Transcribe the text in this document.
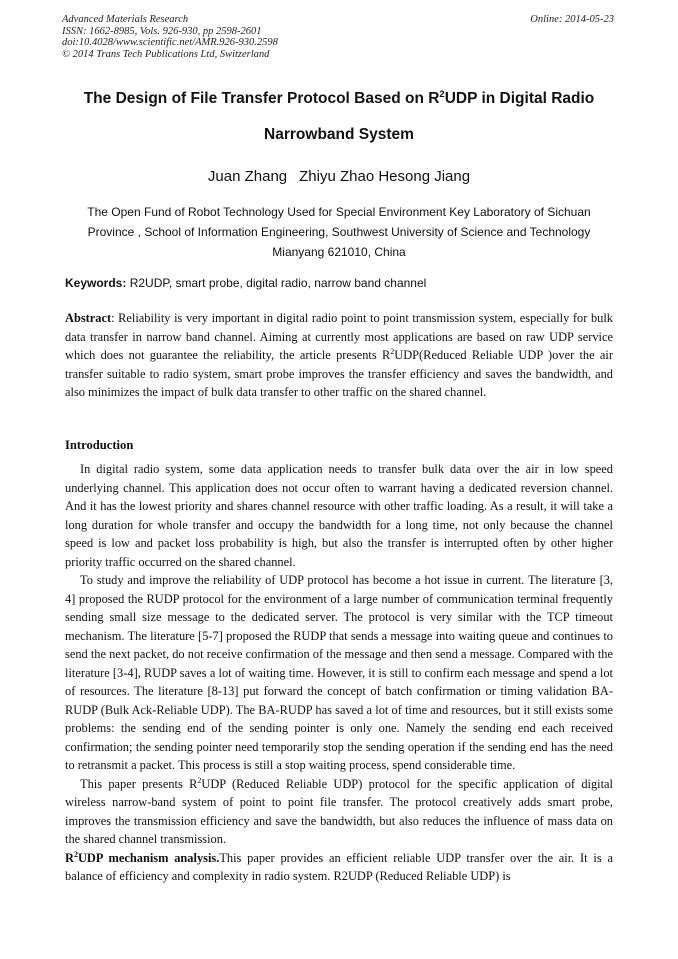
Advanced Materials Research
ISSN: 1662-8985, Vols. 926-930, pp 2598-2601
doi:10.4028/www.scientific.net/AMR.926-930.2598
© 2014 Trans Tech Publications Ltd, Switzerland
Online: 2014-05-23
The Design of File Transfer Protocol Based on $R^2UDP$ in Digital Radio
Narrowband System
Juan Zhang Zhiyu Zhao Hesong Jiang
The Open Fund of Robot Technology Used for Special Environment Key Laboratory of Sichuan
Province , School of Information Engineering, Southwest University of Science and Technology
Mianyang 621010, China
Keywords: R2UDP, smart probe, digital radio, narrow band channel

Abstract: Reliability is very important in digital radio point to point transmission system, especially for bulk data transfer in narrow band channel. Aiming at currently most applications are based on raw UDP service which does not guarantee the reliability, the article presents $R^2UDP(Reduced$ Reliable UDP )over the air transfer suitable to radio system, smart probe improves the transfer efficiency and saves the bandwidth, and also minimizes the impact of bulk data transfer to other traffic on the shared channel.

Introduction

In digital radio system, some data application needs to transfer bulk data over the air in low speed underlying channel. This application does not occur often to warrant having a dedicated reversion channel. And it has the lowest priority and shares channel resource with other traffic loading. As a result, it will take a long duration for whole transfer and occupy the bandwidth for a long time, not only because the channel speed is low and packet loss probability is high, but also the transfer is interrupted often by other higher priority traffic occurred on the shared channel.

To study and improve the reliability of UDP protocol has become a hot issue in current. The literature [3, 4] proposed the RUDP protocol for the environment of a large number of communication terminal frequently sending small size message to the dedicated server. The protocol is very similar with the TCP timeout mechanism. The literature [5-7] proposed the RUDP that sends a message into waiting queue and continues to send the next packet, do not receive confirmation of the message and then send a message. Compared with the literature [3-4], RUDP saves a lot of waiting time. However, it is still to confirm each message and spend a lot of resources. The literature [8-13] put forward the concept of batch confirmation or timing validation BA-RUDP (Bulk Ack-Reliable UDP). The BA-RUDP has saved a lot of time and resources, but it still exists some problems: the sending end of the sending pointer is only one. Namely the sending end each received confirmation; the sending pointer need temporarily stop the sending operation if the sending end has the need to retransmit a packet. This process is still a stop waiting process, spend considerable time.

This paper presents $R^2UDP$ (Reduced Reliable UDP) protocol for the specific application of digital wireless narrow-band system of point to point file transfer. The protocol creatively adds smart probe, improves the transmission efficiency and save the bandwidth, but also reduces the influence of mass data on the shared channel transmission.

$R^2UDP$ mechanism analysis.This paper provides an efficient reliable UDP transfer over the air. It is a balance of efficiency and complexity in radio system. R2UDP (Reduced Reliable UDP) is
